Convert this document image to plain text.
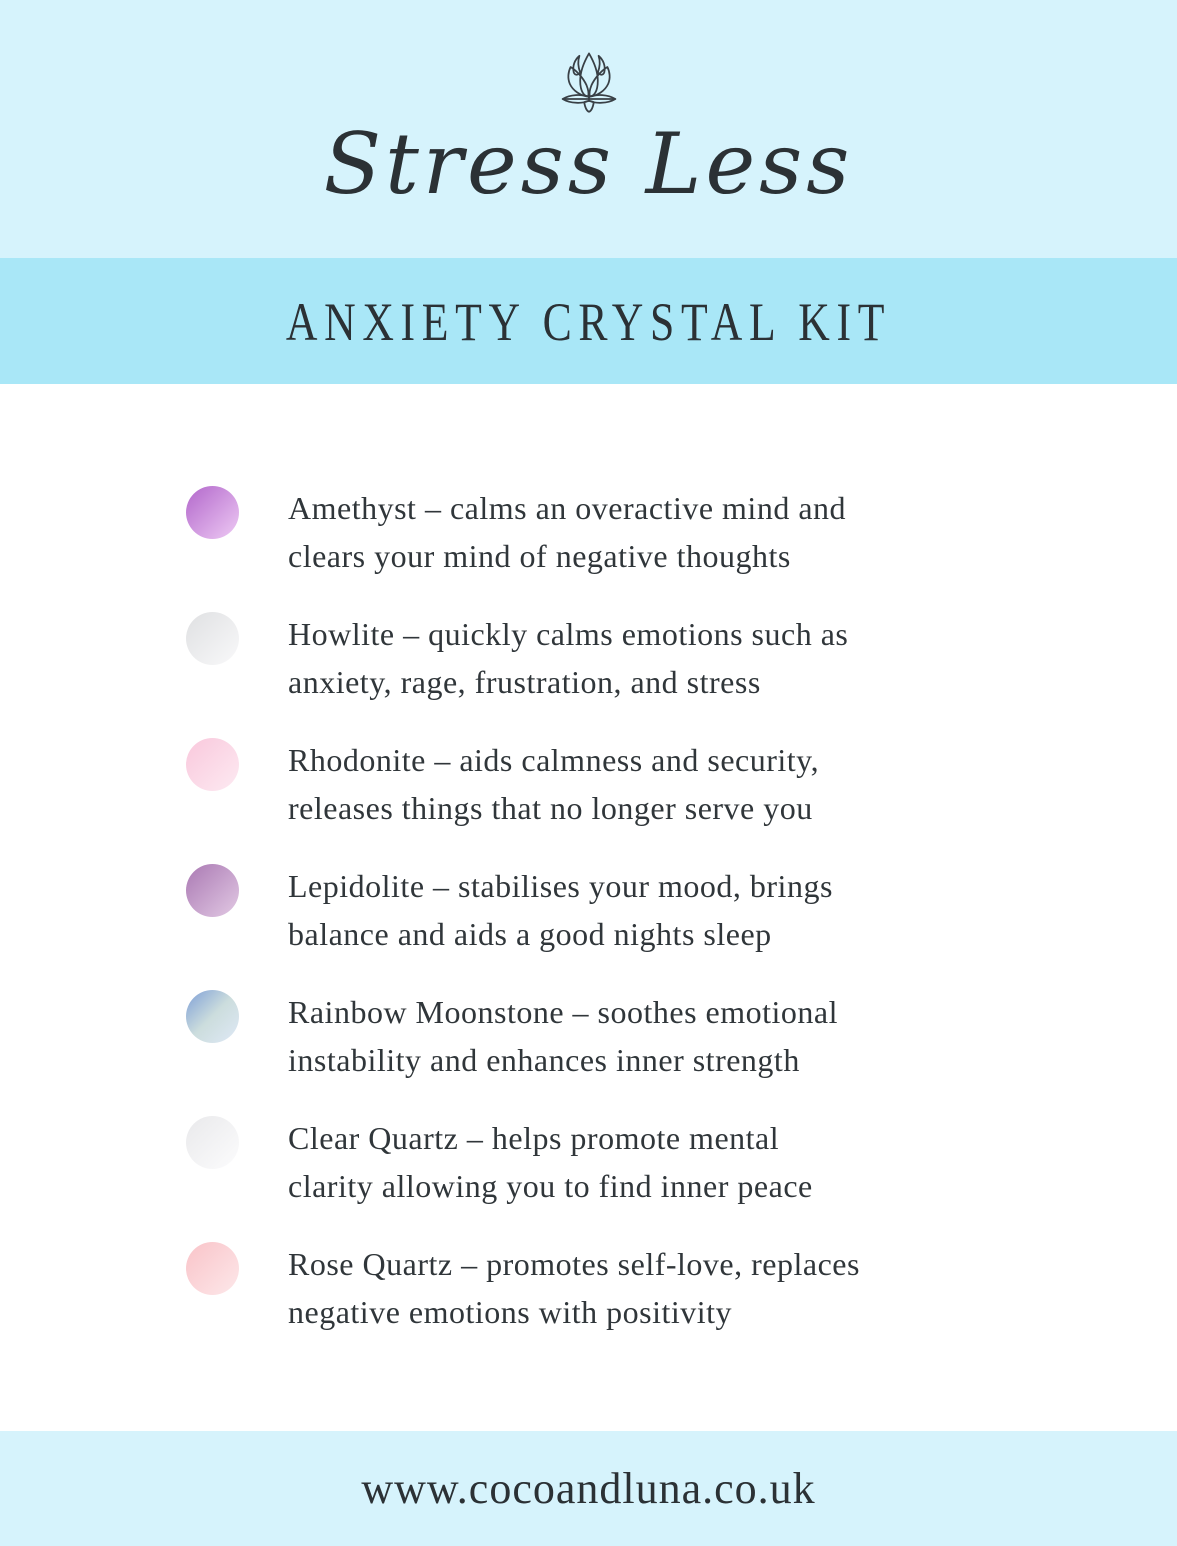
Stress Less
ANXIETY CRYSTAL KIT
Amethyst – calms an overactive mind and
clears your mind of negative thoughts
Howlite – quickly calms emotions such as
anxiety, rage, frustration, and stress
Rhodonite – aids calmness and security,
releases things that no longer serve you
Lepidolite – stabilises your mood, brings
balance and aids a good nights sleep
Rainbow Moonstone – soothes emotional
instability and enhances inner strength
Clear Quartz – helps promote mental
clarity allowing you to find inner peace
Rose Quartz – promotes self-love, replaces
negative emotions with positivity
www.cocoandluna.co.uk
